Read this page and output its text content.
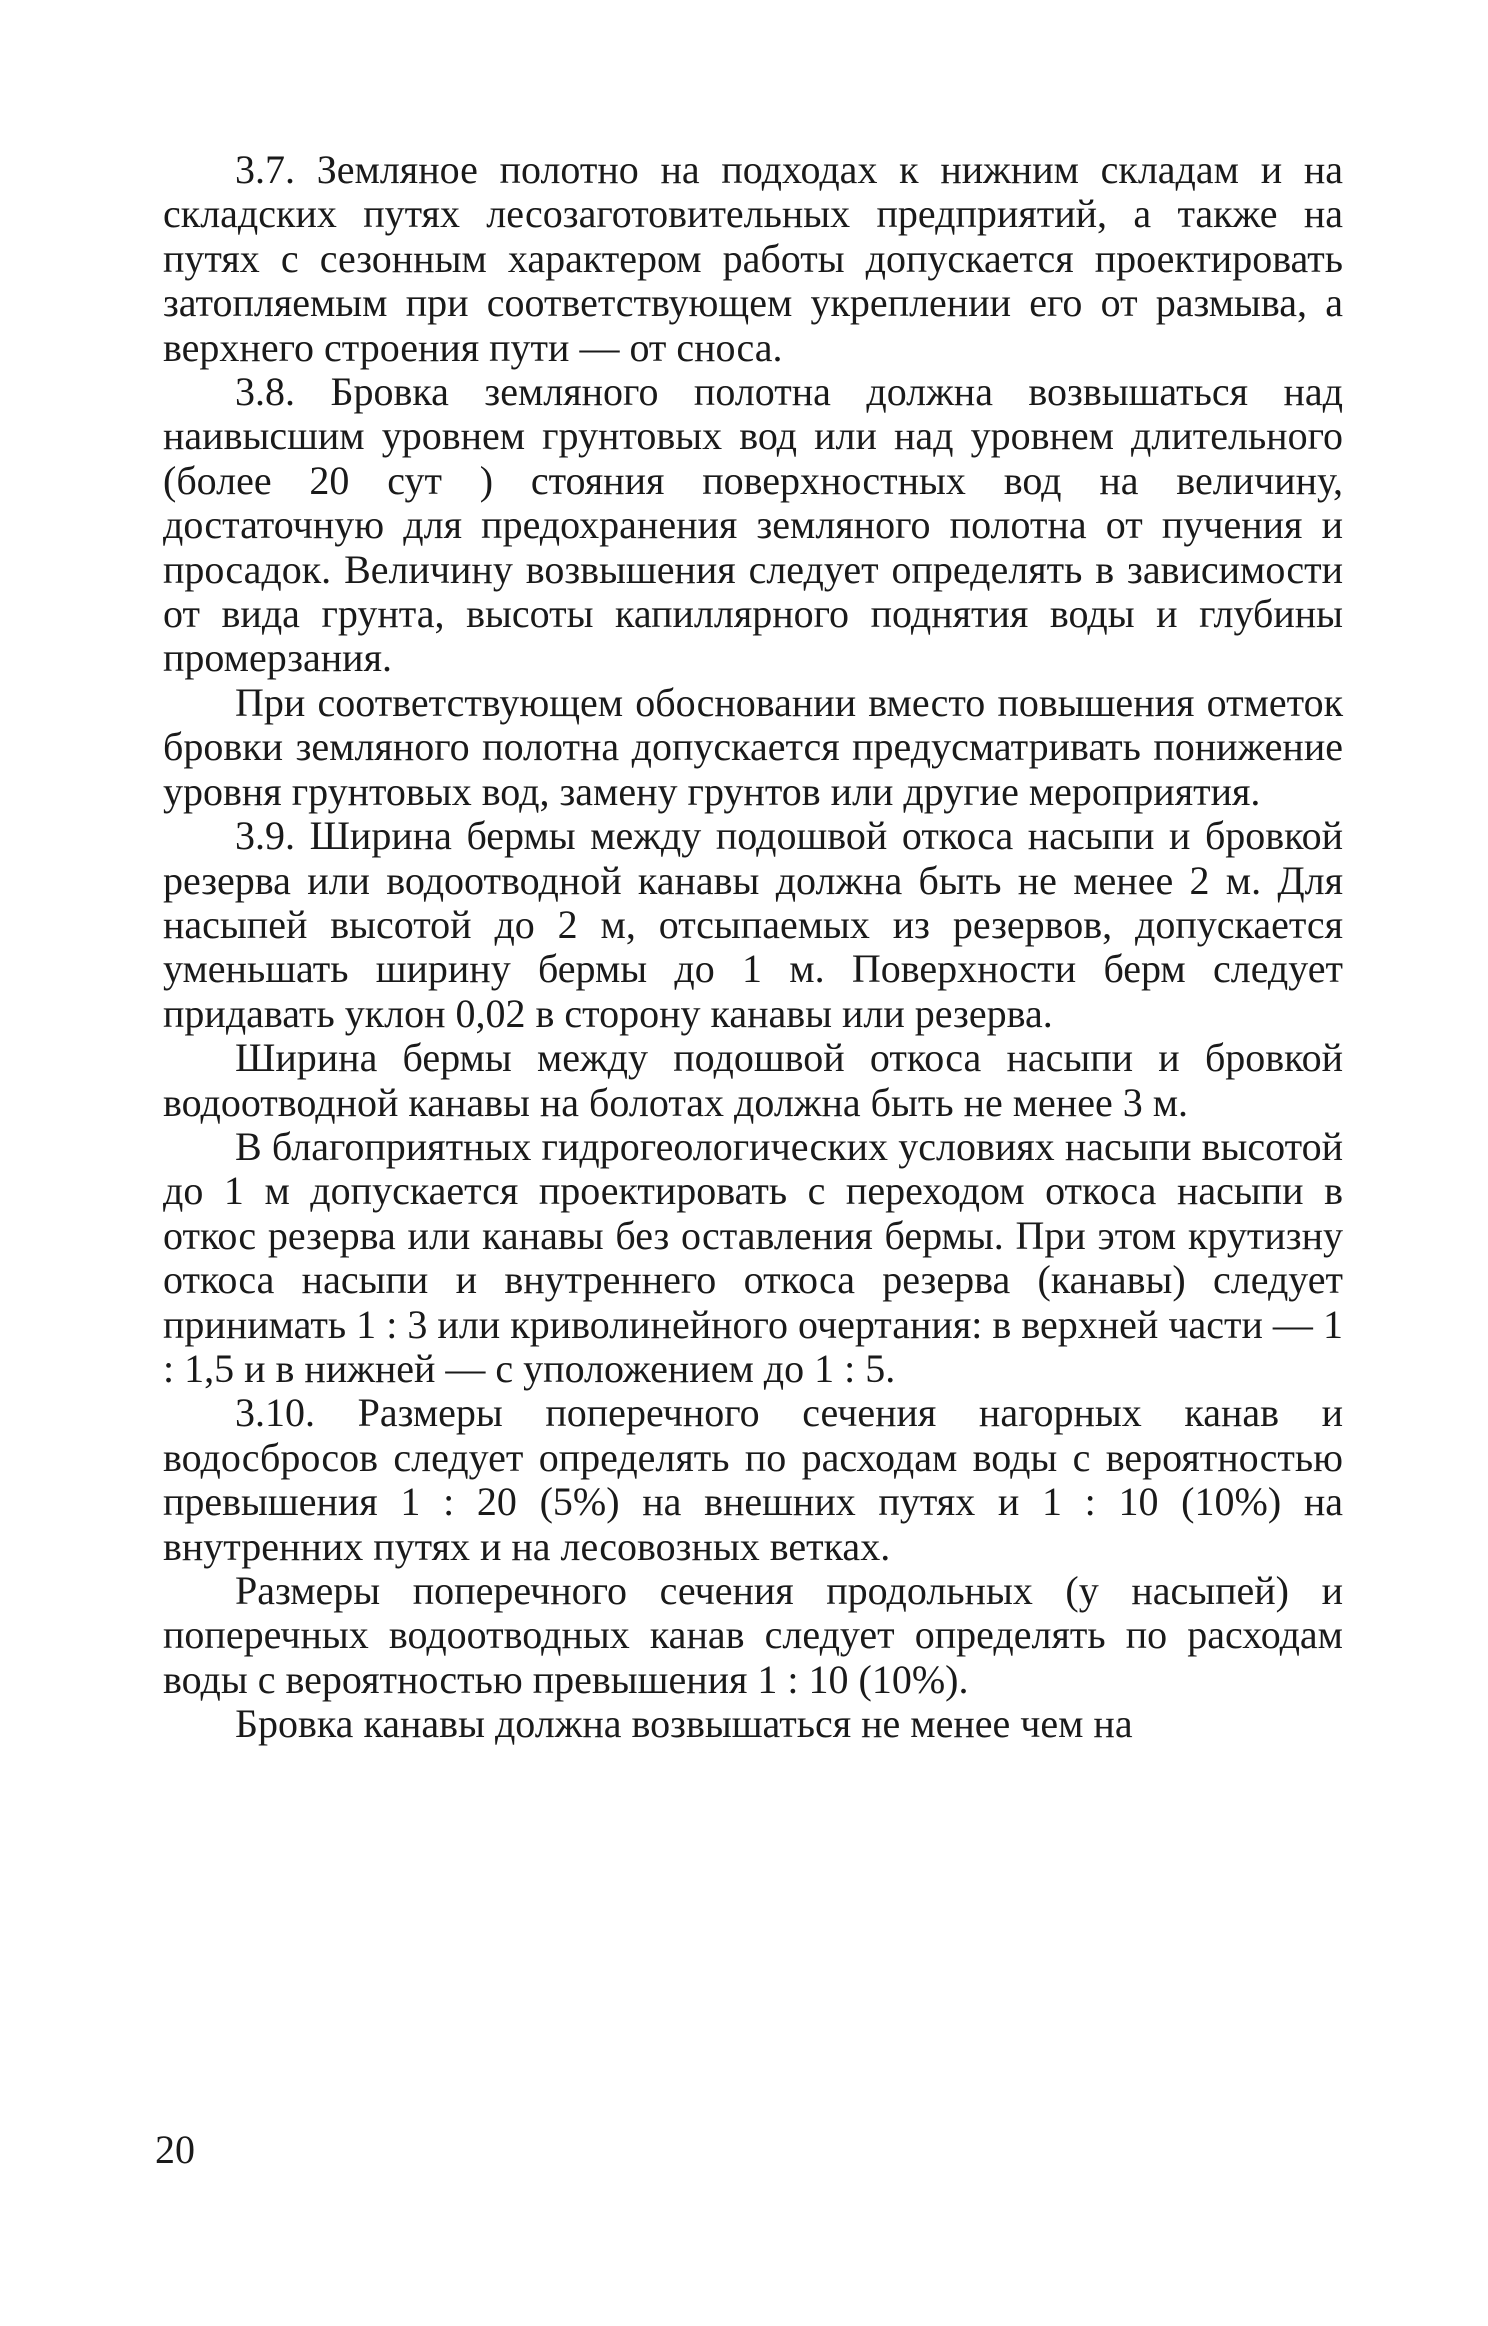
3.7. Земляное полотно на подходах к нижним складам и на складских путях лесозаготовительных предприятий, а также на путях с сезонным характером работы допускается проектировать затопляемым при соответствующем укреплении его от размыва, а верхнего строения пути — от сноса.

3.8. Бровка земляного полотна должна возвышаться над наивысшим уровнем грунтовых вод или над уровнем длительного (более 20 сут ) стояния поверхностных вод на величину, достаточную для предохранения земляного полотна от пучения и просадок. Величину возвышения следует определять в зависимости от вида грунта, высоты капиллярного поднятия воды и глубины промерзания.

При соответствующем обосновании вместо повышения отметок бровки земляного полотна допускается предусматривать понижение уровня грунтовых вод, замену грунтов или другие мероприятия.

3.9. Ширина бермы между подошвой откоса насыпи и бровкой резерва или водоотводной канавы должна быть не менее 2 м. Для насыпей высотой до 2 м, отсыпаемых из резервов, допускается уменьшать ширину бермы до 1 м. Поверхности берм следует придавать уклон 0,02 в сторону канавы или резерва.

Ширина бермы между подошвой откоса насыпи и бровкой водоотводной канавы на болотах должна быть не менее 3 м.

В благоприятных гидрогеологических условиях насыпи высотой до 1 м допускается проектировать с переходом откоса насыпи в откос резерва или канавы без оставления бермы. При этом крутизну откоса насыпи и внутреннего откоса резерва (канавы) следует принимать 1 : 3 или криволинейного очертания: в верхней части — 1 : 1,5 и в нижней — с уположением до 1 : 5.

3.10. Размеры поперечного сечения нагорных канав и водосбросов следует определять по расходам воды с вероятностью превышения 1 : 20 (5%) на внешних путях и 1 : 10 (10%) на внутренних путях и на лесовозных ветках.

Размеры поперечного сечения продольных (у насыпей) и поперечных водоотводных канав следует определять по расходам воды с вероятностью превышения 1 : 10 (10%).

Бровка канавы должна возвышаться не менее чем на

20
